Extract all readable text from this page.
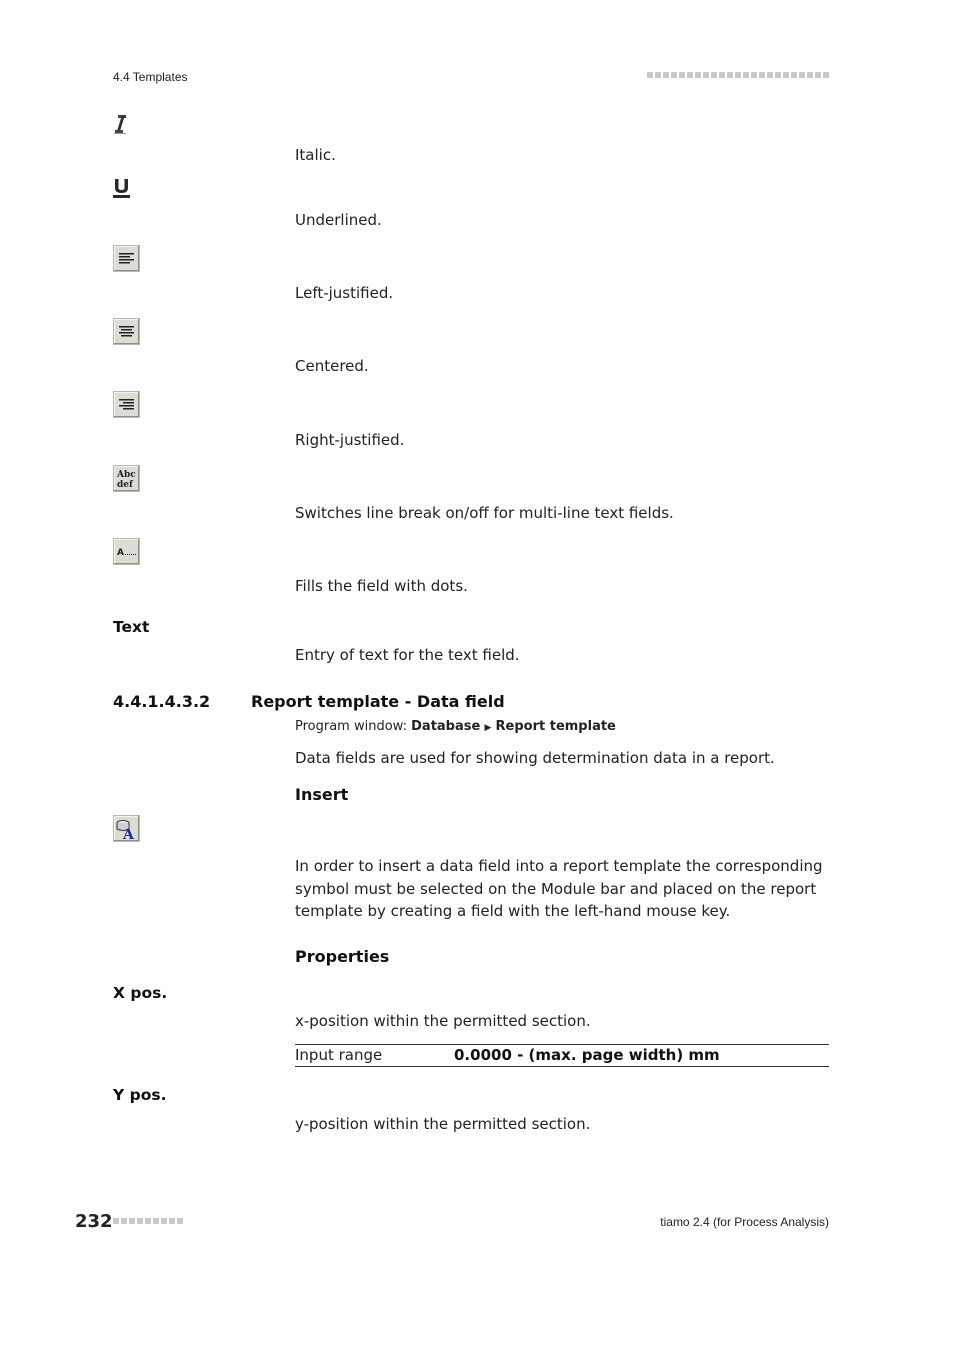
4.4 Templates
Italic.
Underlined.
Left-justified.
Centered.
Right-justified.
Abc
def
Switches line break on/off for multi-line text fields.
A
Fills the field with dots.
Text
Entry of text for the text field.
4.4.1.4.3.2	Report template - Data field
Program window: Database ▶ Report template
Data fields are used for showing determination data in a report.
Insert
A
In order to insert a data field into a report template the corresponding
symbol must be selected on the Module bar and placed on the report
template by creating a field with the left-hand mouse key.
Properties
X pos.
x-position within the permitted section.
Input range	0.0000 - (max. page width) mm
Y pos.
y-position within the permitted section.
232	tiamo 2.4 (for Process Analysis)
